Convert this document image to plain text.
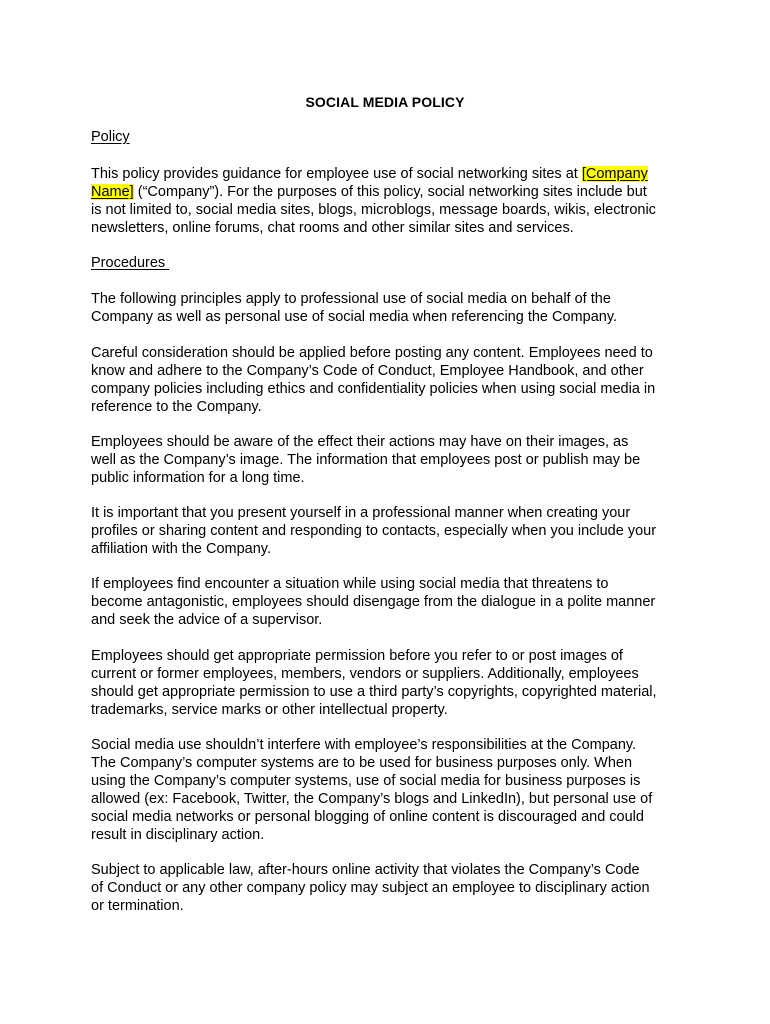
SOCIAL MEDIA POLICY
Policy

This policy provides guidance for employee use of social networking sites at [Company
Name] (“Company”). For the purposes of this policy, social networking sites include but
is not limited to, social media sites, blogs, microblogs, message boards, wikis, electronic
newsletters, online forums, chat rooms and other similar sites and services.

Procedures

The following principles apply to professional use of social media on behalf of the
Company as well as personal use of social media when referencing the Company.

Careful consideration should be applied before posting any content. Employees need to
know and adhere to the Company’s Code of Conduct, Employee Handbook, and other
company policies including ethics and confidentiality policies when using social media in
reference to the Company.

Employees should be aware of the effect their actions may have on their images, as
well as the Company’s image. The information that employees post or publish may be
public information for a long time.

It is important that you present yourself in a professional manner when creating your
profiles or sharing content and responding to contacts, especially when you include your
affiliation with the Company.

If employees find encounter a situation while using social media that threatens to
become antagonistic, employees should disengage from the dialogue in a polite manner
and seek the advice of a supervisor.

Employees should get appropriate permission before you refer to or post images of
current or former employees, members, vendors or suppliers. Additionally, employees
should get appropriate permission to use a third party’s copyrights, copyrighted material,
trademarks, service marks or other intellectual property.

Social media use shouldn’t interfere with employee’s responsibilities at the Company.
The Company’s computer systems are to be used for business purposes only. When
using the Company’s computer systems, use of social media for business purposes is
allowed (ex: Facebook, Twitter, the Company’s blogs and LinkedIn), but personal use of
social media networks or personal blogging of online content is discouraged and could
result in disciplinary action.

Subject to applicable law, after-hours online activity that violates the Company’s Code
of Conduct or any other company policy may subject an employee to disciplinary action
or termination.
